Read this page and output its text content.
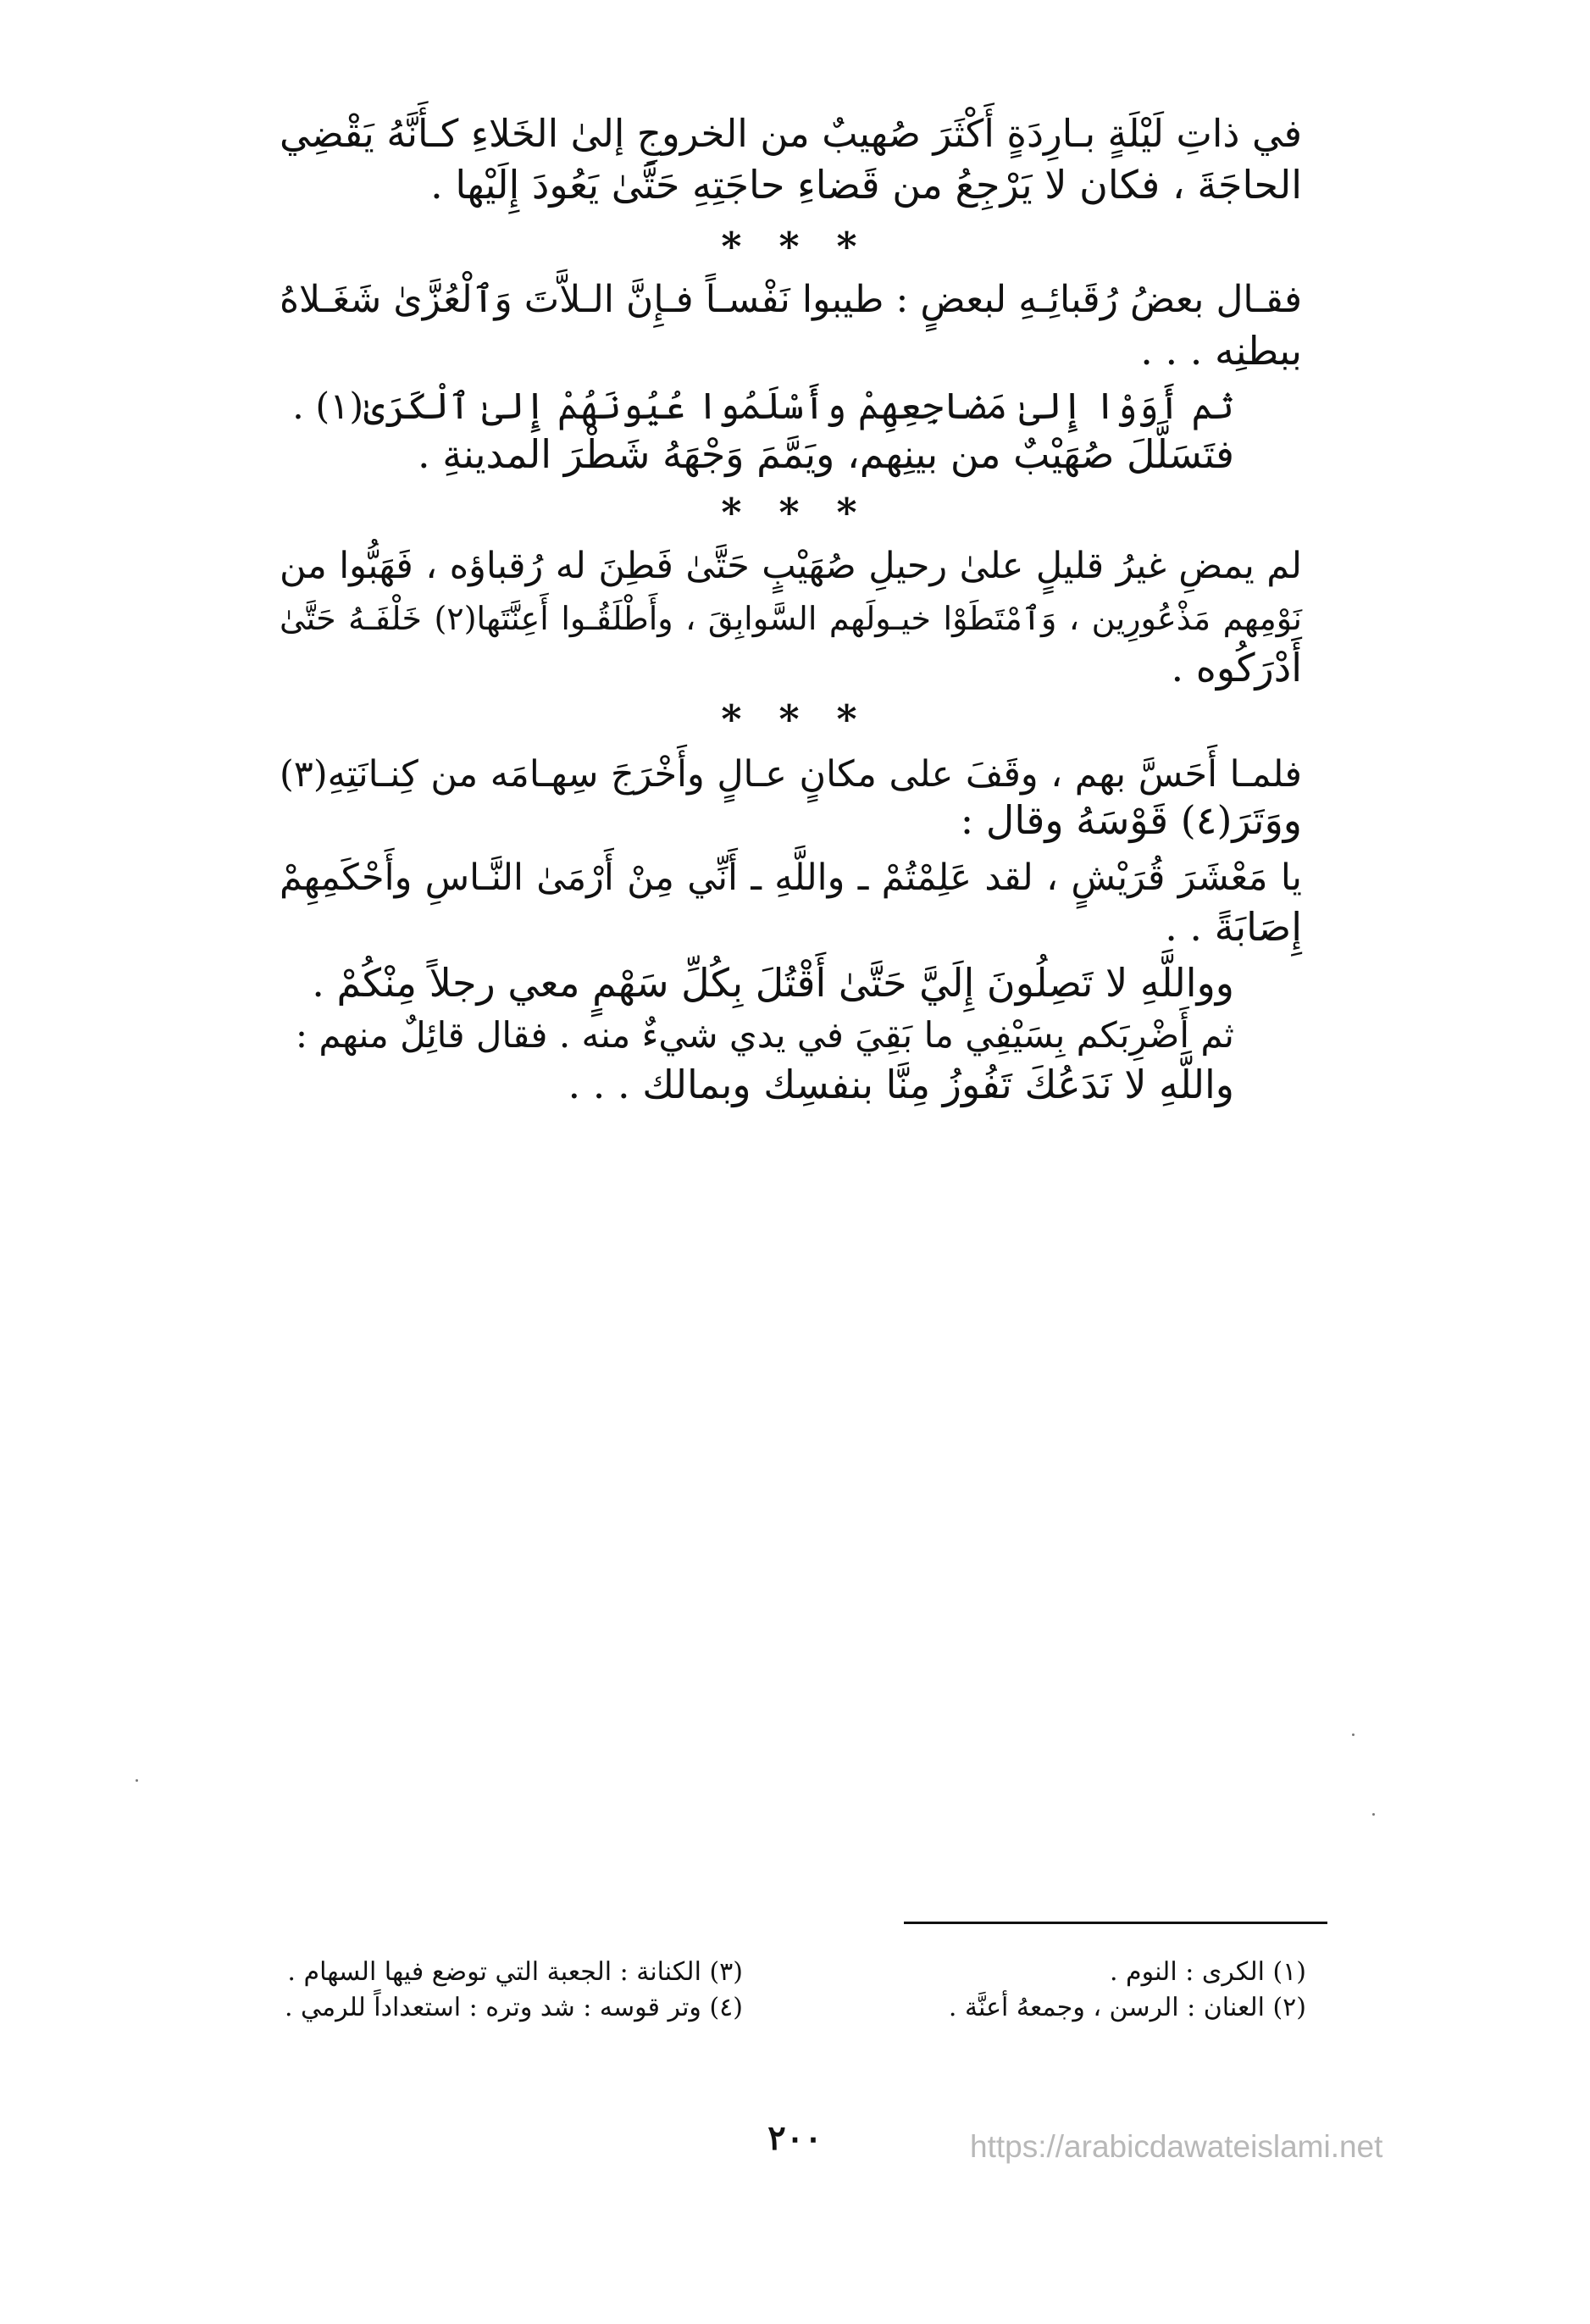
في ذاتِ لَيْلَةٍ بـارِدَةٍ أَكْثَرَ صُهيبٌ من الخروجِ إلىٰ الخَلاءِ كـأَنَّهُ يَقْضِي
الحاجَةَ ، فكان لا يَرْجِعُ من قَضاءِ حاجَتِهِ حَتَّىٰ يَعُودَ إِلَيْها .
* * *
فقـال بعضُ رُقَبائِـهِ لبعضٍ : طيبوا نَفْسـاً فـإِنَّ الـلاَّتَ وَٱلْعُزَّىٰ شَغَـلاهُ
ببطنِه . . .
ثم أَوَوْا إِلىٰ مَضاجِعِهِمْ وأَسْلَمُوا عُيُونَهُمْ إِلىٰ ٱلْكَرَىٰ(١) .
فتَسَلَّلَ صُهَيْبٌ من بينِهم، ويَمَّمَ وَجْهَهُ شَطْرَ المدينةِ .
* * *
لم يمضِ غيرُ قليلٍ علىٰ رحيلِ صُهَيْبٍ حَتَّىٰ فَطِنَ له رُقباؤه ، فَهَبُّوا من
نَوْمِهم مَذْعُورِين ، وَٱمْتَطَوْا خيـولَهم السَّوابِقَ ، وأَطْلَقُـوا أَعِنَّتَها(٢) خَلْفَـهُ حَتَّىٰ
أَدْرَكُوه .
* * *
فلمـا أَحَسَّ بهم ، وقَفَ على مكانٍ عـالٍ وأَخْرَجَ سِهـامَه من كِنـانَتِهِ(٣)
ووَتَرَ(٤) قَوْسَهُ وقال :
يا مَعْشَرَ قُرَيْشٍ ، لقد عَلِمْتُمْ ـ واللَّهِ ـ أَنِّي مِنْ أَرْمَىٰ النَّـاسِ وأَحْكَمِهِمْ
إِصَابَةً . .
وواللَّهِ لا تَصِلُونَ إِلَيَّ حَتَّىٰ أَقْتُلَ بِكُلِّ سَهْمٍ معي رجلاً مِنْكُمْ .
ثم أَضْرِبَكم بِسَيْفِي ما بَقِيَ في يدي شيءٌ منه . فقال قائِلٌ منهم :
واللَّهِ لا نَدَعُكَ تَفُوزُ مِنَّا بنفسِك وبمالك . . .
(١) الكرى : النوم .
(٢) العنان : الرسن ، وجمعهُ أعنَّة .
(٣) الكنانة : الجعبة التي توضع فيها السهام .
(٤) وتر قوسه : شد وتره : استعداداً للرمي .
٢٠٠	https://arabicdawateislami.net
